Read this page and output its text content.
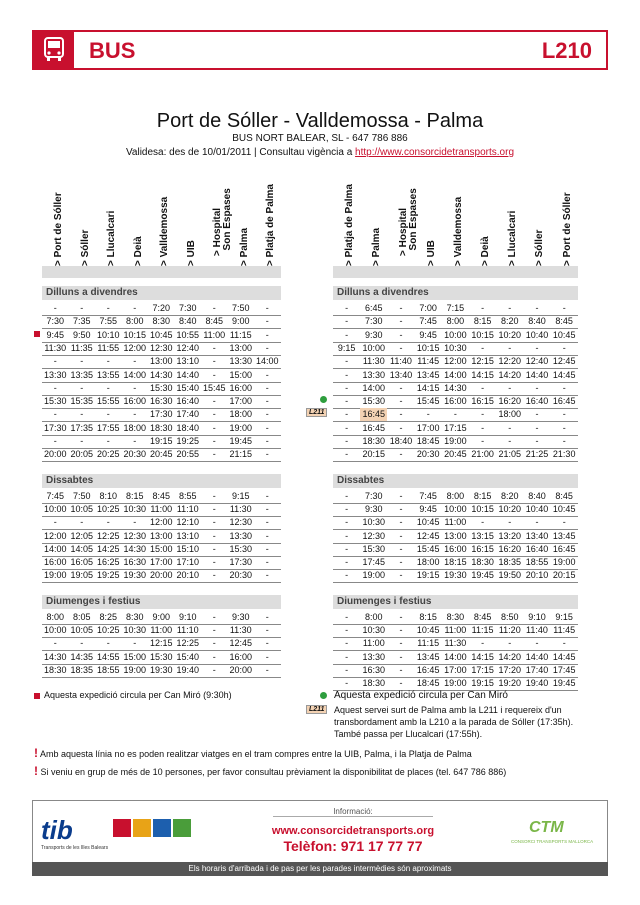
BUS	L210
Port de Sóller - Valldemossa - Palma
BUS NORT BALEAR, SL - 647 786 886
Validesa: des de 10/01/2011 | Consultau vigència a http://www.consorcidetransports.org
> Port de Sóller > Sóller > Llucalcari > Deià > Valldemossa > UIB > Hospital
Son Espases
> Palma > Platja de Palma
Dilluns a divendres
-	-	-	-	7:20 7:30	-	7:50	-
7:30 7:35 7:55 8:00 8:30 8:40 8:45 9:00	-
9:45 9:50 10:10 10:15 10:45 10:55 11:00 11:15	-
11:30 11:35 11:55 12:00 12:30 12:40	-	13:00	-
-	-	-	-	13:00 13:10	-	13:30 14:00
13:30 13:35 13:55 14:00 14:30 14:40	-	15:00	-
-	-	-	-	15:30 15:40 15:45 16:00	-
15:30 15:35 15:55 16:00 16:30 16:40	-	17:00	-
-	-	-	-	17:30 17:40	-	18:00	-
17:30 17:35 17:55 18:00 18:30 18:40	-	19:00	-
-	-	-	-	19:15 19:25	-	19:45	-
20:00 20:05 20:25 20:30 20:45 20:55	-	21:15	-
Dissabtes
7:45 7:50 8:10 8:15 8:45 8:55	-	9:15	-
10:00 10:05 10:25 10:30 11:00 11:10	-	11:30	-
-	-	-	-	12:00 12:10	-	12:30	-
12:00 12:05 12:25 12:30 13:00 13:10	-	13:30	-
14:00 14:05 14:25 14:30 15:00 15:10	-	15:30	-
16:00 16:05 16:25 16:30 17:00 17:10	-	17:30	-
19:00 19:05 19:25 19:30 20:00 20:10	-	20:30	-
Diumenges i festius
8:00 8:05 8:25 8:30 9:00 9:10	-	9:30	-
10:00 10:05 10:25 10:30 11:00 11:10	-	11:30	-
-	-	-	-	12:15 12:25	-	12:45	-
14:30 14:35 14:55 15:00 15:30 15:40	-	16:00	-
18:30 18:35 18:55 19:00 19:30 19:40	-	20:00	-
> Platja de Palma > Palma > Hospital
Son Espases
> UIB > Valldemossa > Deià > Llucalcari > Sóller > Port de Sóller
Dilluns a divendres
-	6:45	-	7:00	7:15	-	-	-	-
-	7:30	-	7:45	8:00	8:15	8:20	8:40	8:45
-	9:30	-	9:45 10:00 10:15 10:20 10:40 10:45
9:15 10:00	-	10:15 10:30	-	-	-	-
-	11:30 11:40 11:45 12:00 12:15 12:20 12:40 12:45
-	13:30 13:40 13:45 14:00 14:15 14:20 14:40 14:45
-	14:00	-	14:15 14:30	-	-	-	-
-	15:30	-	15:45 16:00 16:15 16:20 16:40 16:45
-	16:45	-	-	-	-	18:00	-	-
-	16:45	-	17:00 17:15	-	-	-	-
-	18:30 18:40 18:45 19:00	-	-	-	-
-	20:15	-	20:30 20:45 21:00 21:05 21:25 21:30
Dissabtes
-	7:30	-	7:45	8:00	8:15	8:20	8:40	8:45
-	9:30	-	9:45 10:00 10:15 10:20 10:40 10:45
-	10:30	-	10:45 11:00	-	-	-	-
-	12:30	-	12:45 13:00 13:15 13:20 13:40 13:45
-	15:30	-	15:45 16:00 16:15 16:20 16:40 16:45
-	17:45	-	18:00 18:15 18:30 18:35 18:55 19:00
-	19:00	-	19:15 19:30 19:45 19:50 20:10 20:15
Diumenges i festius
-	8:00	-	8:15	8:30	8:45	8:50	9:10	9:15
-	10:30	-	10:45 11:00 11:15 11:20 11:40 11:45
-	11:00	-	11:15 11:30	-	-	-	-
-	13:30	-	13:45 14:00 14:15 14:20 14:40 14:45
-	16:30	-	16:45 17:00 17:15 17:20 17:40 17:45
-	18:30	-	18:45 19:00 19:15 19:20 19:40 19:45
L211
Aquesta expedició circula per Can Miró (9:30h)	Aquesta expedició circula per Can Miró
L211	Aquest servei surt de Palma amb la L211 i requereix d'un transbordament amb la L210 a la parada de Sóller (17:35h). També passa per Llucalcari (17:55h).
! Amb aquesta línia no es poden realitzar viatges en el tram compres entre la UIB, Palma, i la Platja de Palma
! Si veniu en grup de més de 10 persones, per favor consultau prèviament la disponibilitat de places (tel. 647 786 886)
tib
Transports de les Illes Balears
Informació:
www.consorcidetransports.org
Telèfon: 971 17 77 77
CTM
CONSORCI TRANSPORTS MALLORCA
Els horaris d'arribada i de pas per les parades intermèdies són aproximats
